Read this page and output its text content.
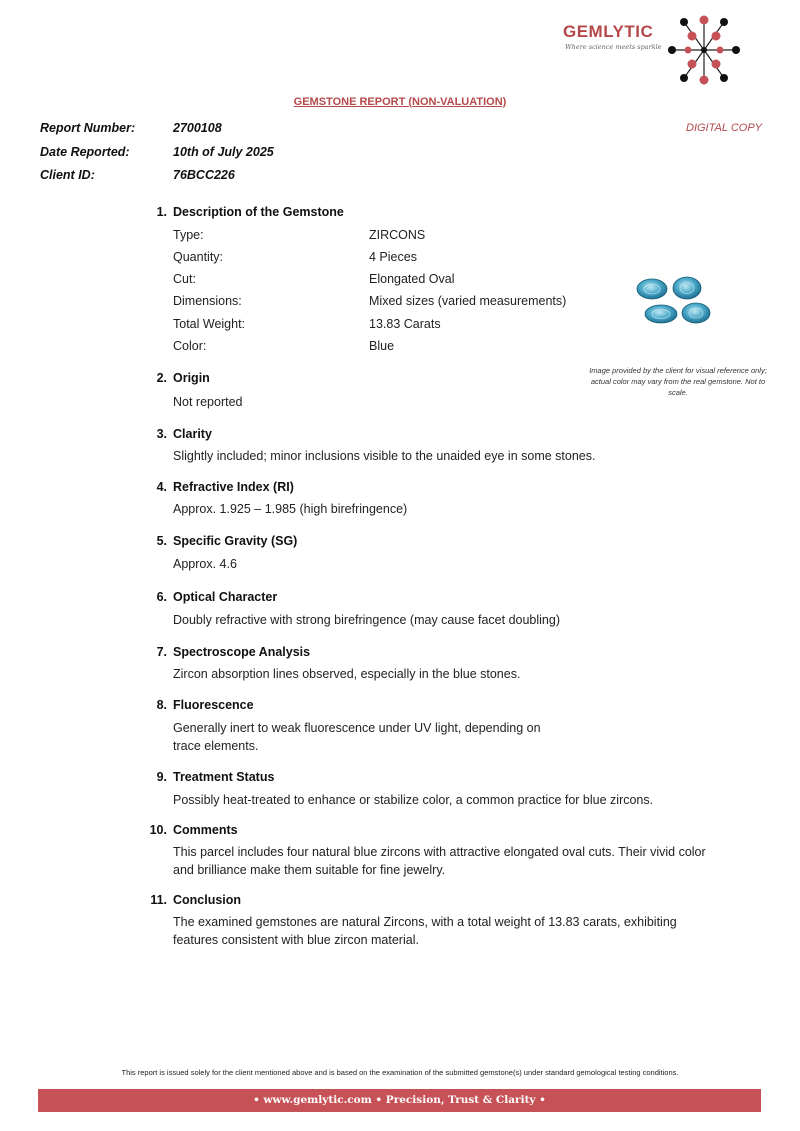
GEMLYTIC
Where science meets sparkle
GEMSTONE REPORT (NON-VALUATION)
DIGITAL COPY
Report Number:	2700108
Date Reported:	10th of July 2025
Client ID:	76BCC226
1. Description of the Gemstone
Type:	ZIRCONS
Quantity:	4 Pieces
Cut:	Elongated Oval
Dimensions:	Mixed sizes (varied measurements)
Total Weight:	13.83 Carats
Color:	Blue
Image provided by the client for visual reference only; actual color may vary from the real gemstone. Not to scale.
2. Origin
Not reported
3. Clarity
Slightly included; minor inclusions visible to the unaided eye in some stones.
4. Refractive Index (RI)
Approx. 1.925 – 1.985 (high birefringence)
5. Specific Gravity (SG)
Approx. 4.6
6. Optical Character
Doubly refractive with strong birefringence (may cause facet doubling)
7. Spectroscope Analysis
Zircon absorption lines observed, especially in the blue stones.
8. Fluorescence
Generally inert to weak fluorescence under UV light, depending on
trace elements.
9. Treatment Status
Possibly heat-treated to enhance or stabilize color, a common practice for blue zircons.
10. Comments
This parcel includes four natural blue zircons with attractive elongated oval cuts. Their vivid color
and brilliance make them suitable for fine jewelry.
11. Conclusion
The examined gemstones are natural Zircons, with a total weight of 13.83 carats, exhibiting
features consistent with blue zircon material.
This report is issued solely for the client mentioned above and is based on the examination of the submitted gemstone(s) under standard gemological testing conditions.
• www.gemlytic.com • Precision, Trust & Clarity •
